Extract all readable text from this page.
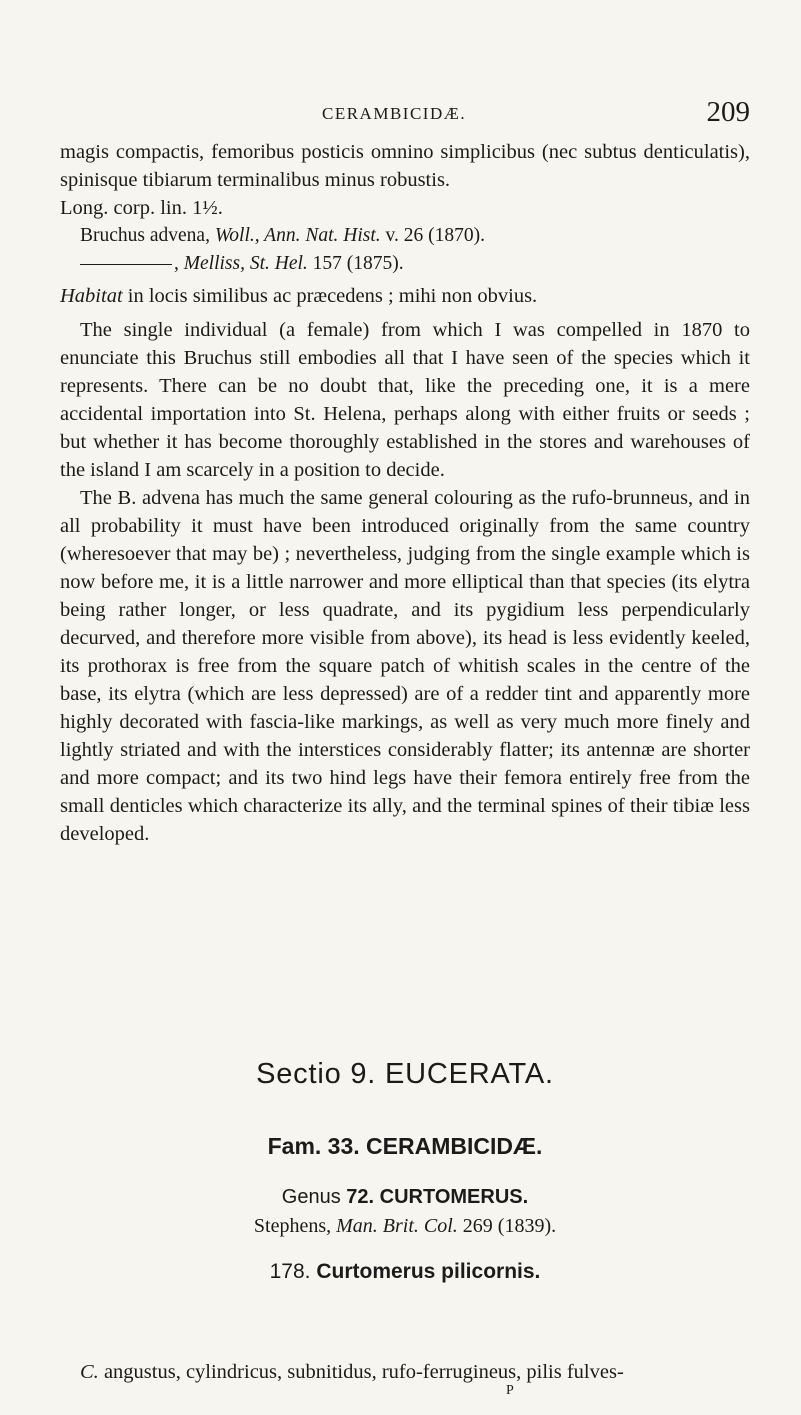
CERAMBICIDÆ.	209

magis compactis, femoribus posticis omnino simplicibus (nec subtus denticulatis), spinisque tibiarum terminalibus minus robustis.

Long. corp. lin. 1½.

Bruchus advena, Woll., Ann. Nat. Hist. v. 26 (1870).

, Melliss, St. Hel. 157 (1875).

Habitat in locis similibus ac præcedens ; mihi non obvius.

The single individual (a female) from which I was compelled in 1870 to enunciate this Bruchus still embodies all that I have seen of the species which it represents. There can be no doubt that, like the preceding one, it is a mere accidental importation into St. Helena, perhaps along with either fruits or seeds ; but whether it has become thoroughly established in the stores and warehouses of the island I am scarcely in a position to decide.

The B. advena has much the same general colouring as the rufo-brunneus, and in all probability it must have been introduced originally from the same country (wheresoever that may be) ; nevertheless, judging from the single example which is now before me, it is a little narrower and more elliptical than that species (its elytra being rather longer, or less quadrate, and its pygidium less perpendicularly decurved, and therefore more visible from above), its head is less evidently keeled, its prothorax is free from the square patch of whitish scales in the centre of the base, its elytra (which are less depressed) are of a redder tint and apparently more highly decorated with fascia-like markings, as well as very much more finely and lightly striated and with the interstices considerably flatter; its antennæ are shorter and more compact; and its two hind legs have their femora entirely free from the small denticles which characterize its ally, and the terminal spines of their tibiæ less developed.

Sectio 9. EUCERATA.
Fam. 33. CERAMBICIDÆ.
Genus 72. CURTOMERUS.
Stephens, Man. Brit. Col. 269 (1839).
178. Curtomerus pilicornis.
C. angustus, cylindricus, subnitidus, rufo-ferrugineus, pilis fulves-
P
